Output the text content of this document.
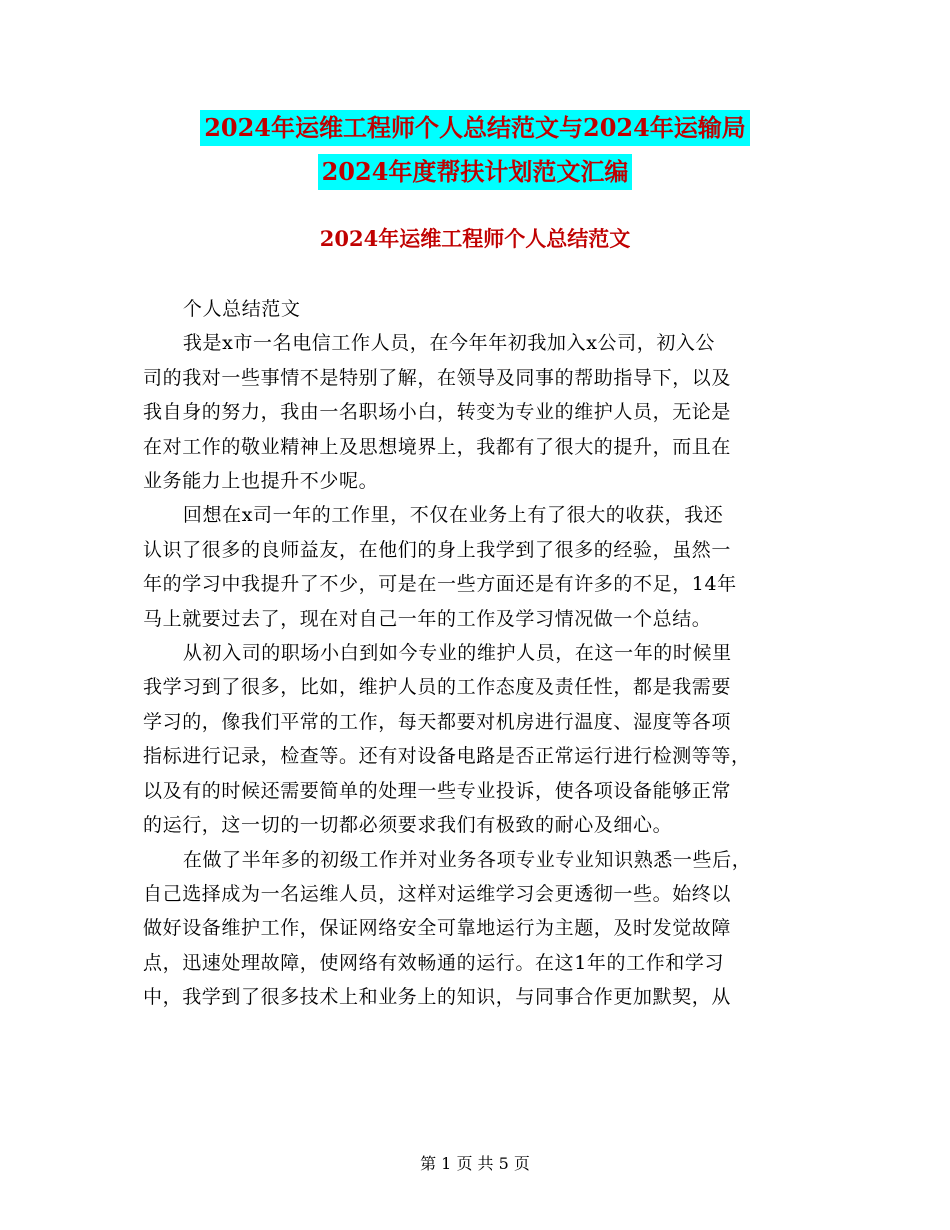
2024年运维工程师个人总结范文与2024年运输局
2024年度帮扶计划范文汇编
2024年运维工程师个人总结范文
个人总结范文
我是x市一名电信工作人员，在今年年初我加入x公司，初入公
司的我对一些事情不是特别了解，在领导及同事的帮助指导下，以及
我自身的努力，我由一名职场小白，转变为专业的维护人员，无论是
在对工作的敬业精神上及思想境界上，我都有了很大的提升，而且在
业务能力上也提升不少呢。
回想在x司一年的工作里，不仅在业务上有了很大的收获，我还
认识了很多的良师益友，在他们的身上我学到了很多的经验，虽然一
年的学习中我提升了不少，可是在一些方面还是有许多的不足，14年
马上就要过去了，现在对自己一年的工作及学习情况做一个总结。
从初入司的职场小白到如今专业的维护人员，在这一年的时候里
我学习到了很多，比如，维护人员的工作态度及责任性，都是我需要
学习的，像我们平常的工作，每天都要对机房进行温度、湿度等各项
指标进行记录，检查等。还有对设备电路是否正常运行进行检测等等，
以及有的时候还需要简单的处理一些专业投诉，使各项设备能够正常
的运行，这一切的一切都必须要求我们有极致的耐心及细心。
在做了半年多的初级工作并对业务各项专业专业知识熟悉一些后，
自己选择成为一名运维人员，这样对运维学习会更透彻一些。始终以
做好设备维护工作，保证网络安全可靠地运行为主题，及时发觉故障
点，迅速处理故障，使网络有效畅通的运行。在这1年的工作和学习
中，我学到了很多技术上和业务上的知识，与同事合作更加默契，从
第 1 页 共 5 页
